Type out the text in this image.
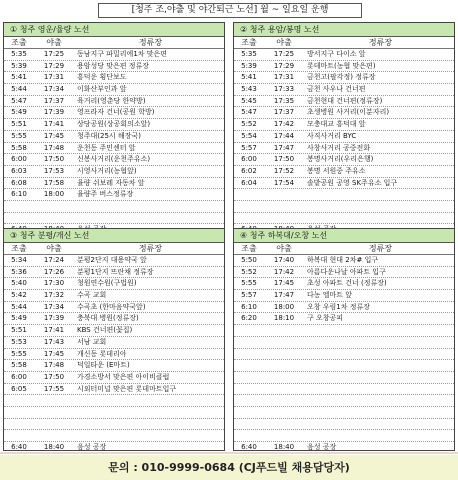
[청주 조,야출 및 야간퇴근 노선] 월 ~ 일요일 운행
① 청주 영운/율량 노선
조출	야출	정류장
5:35	17:25	동남지구 파밀리에1차 맞은편
5:39	17:29	용암성당 맞은편 정류장
5:41	17:31	흥덕운 횡단보도
5:44	17:34	이화산부인과 앞
5:47	17:37	육거리(영춘당 한약방)
5:49	17:39	영프라자 건너(공원 학방)
5:51	17:41	상당공원(상공회의소앞)
5:55	17:45	청주대(25시 해장국)
5:58	17:48	운천동 주민센터 앞
6:00	17:50	신봉사거리(운천주유소)
6:03	17:53	시영사거리(농협앞)
6:08	17:58	율량 쉬보레 자동차 앞
6:10	18:00	율량주 버스정류장
② 청주 용암/봉명 노선
조출	야출	정류장
5:35	17:25	방서지구 다이소 앞
5:39	17:29	롯데마트(농협 맞은편)
5:41	17:31	금천고(팔각정) 정류장
5:43	17:33	금천 사우나 건너편
5:45	17:35	금천현대 건너편(정류장)
5:47	17:37	초생병원 사거리(이분자리)
5:52	17:42	모충대교 흥덕대 앞
5:54	17:44	사직사거리 BYC
5:57	17:47	사창사거리 공중전화
6:00	17:50	봉명사거리(우리은행)
6:02	17:52	봉명 서원중 주유소
6:04	17:54	솔밭공원 공영 SK주유소 입구
③ 청주 분평/개신 노선
조출	야출	정류장
5:34	17:24	분평2단지 대용약국 앞
5:36	17:26	분평1단지 뜨란채 정류장
5:40	17:30	청원연수원(구법원)
5:42	17:32	수곡 교회
5:44	17:34	수곡초 (한마음약국앞)
5:49	17:39	충북대 병원(정류장)
5:51	17:41	KBS 건너편(꽃집)
5:53	17:43	서남 교회
5:55	17:45	개신동 롯데리아
5:58	17:48	덕일타운 (E마트)
6:00	17:50	가경소방서 맞은편 아이비클럽
6:05	17:55	시외터미널 맞은편 롯데마트입구
6:40	18:40	음성 공장
④ 청주 하복대/오창 노선
조출	야출	정류장
5:50	17:40	하복대 현대 2차# 입구
5:52	17:42	아름다운나날 아파트 입구
5:55	17:45	초성 아파트 건너 (정류장)
5:57	17:47	다농 엘마트 앞
6:10	18:00	오창 우림1차 정류장
6:20	18:10	구 오창공피
6:40	18:40	음성 공장
문의 : 010-9999-0684 (CJ푸드빌 채용담당자)
